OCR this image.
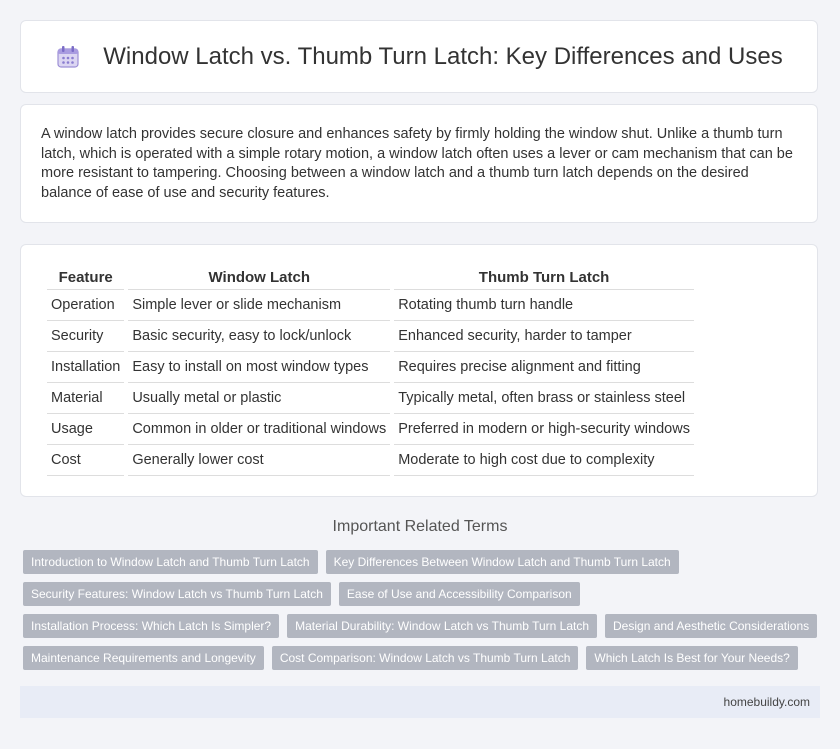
Window Latch vs. Thumb Turn Latch: Key Differences and Uses

A window latch provides secure closure and enhances safety by firmly holding the window shut. Unlike a thumb turn latch, which is operated with a simple rotary motion, a window latch often uses a lever or cam mechanism that can be more resistant to tampering. Choosing between a window latch and a thumb turn latch depends on the desired balance of ease of use and security features.

Feature	Window Latch	Thumb Turn Latch
Operation	Simple lever or slide mechanism	Rotating thumb turn handle
Security	Basic security, easy to lock/unlock	Enhanced security, harder to tamper
Installation	Easy to install on most window types	Requires precise alignment and fitting
Material	Usually metal or plastic	Typically metal, often brass or stainless steel
Usage	Common in older or traditional windows	Preferred in modern or high-security windows
Cost	Generally lower cost	Moderate to high cost due to complexity
Important Related Terms
Introduction to Window Latch and Thumb Turn Latch	Key Differences Between Window Latch and Thumb Turn Latch
Security Features: Window Latch vs Thumb Turn Latch	Ease of Use and Accessibility Comparison
Installation Process: Which Latch Is Simpler?	Material Durability: Window Latch vs Thumb Turn Latch	Design and Aesthetic Considerations
Maintenance Requirements and Longevity	Cost Comparison: Window Latch vs Thumb Turn Latch	Which Latch Is Best for Your Needs?
homebuildy.com
